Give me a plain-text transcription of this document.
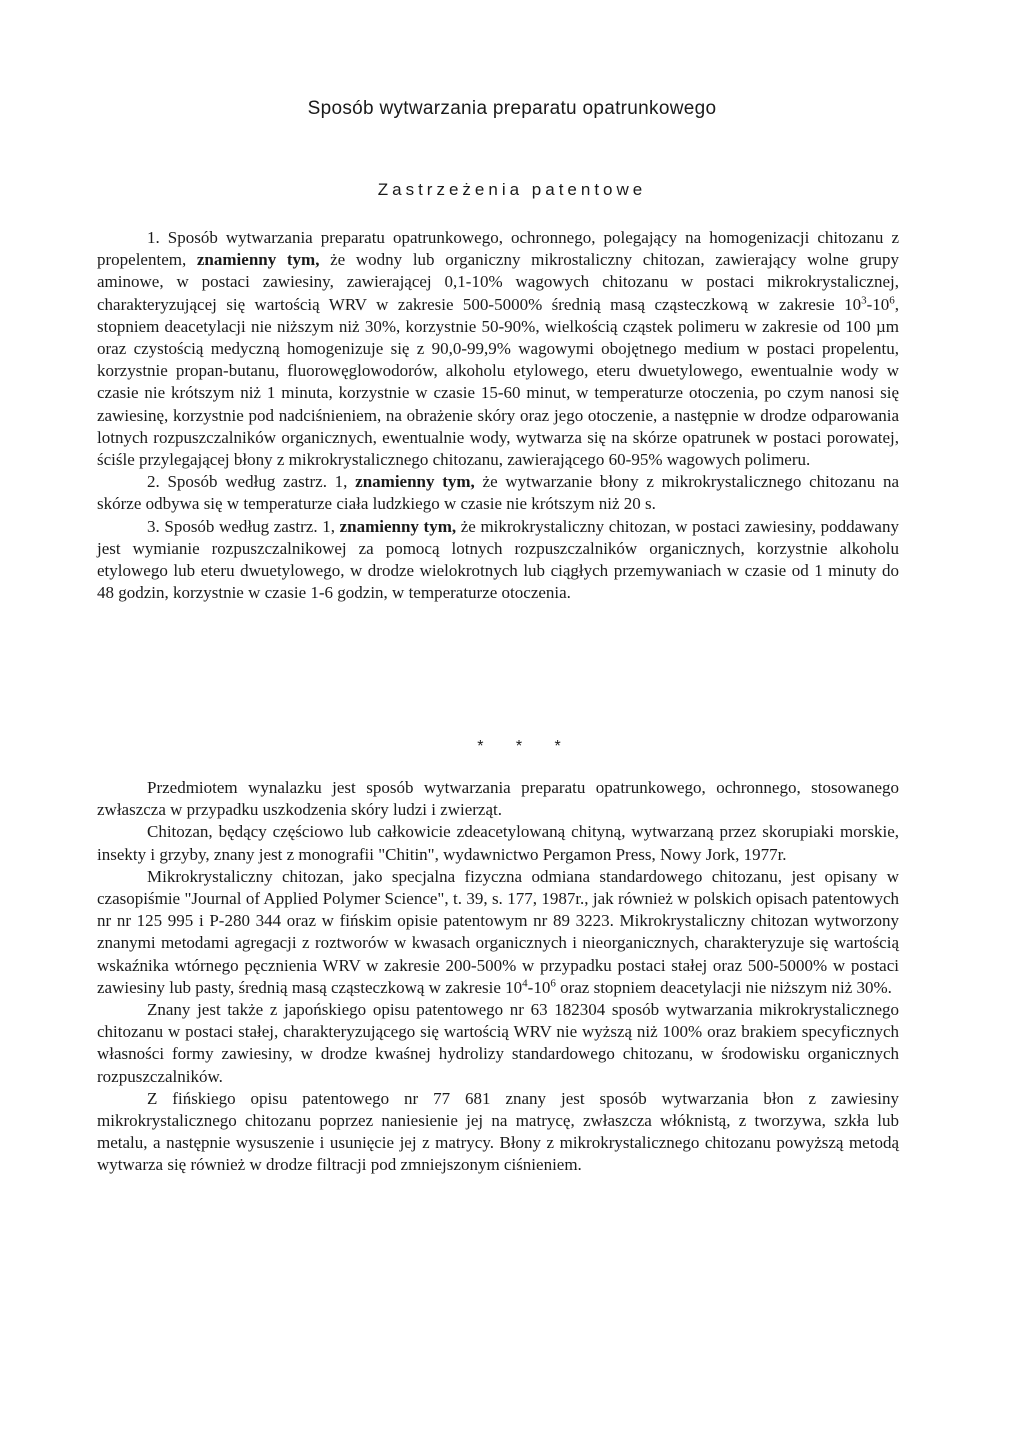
Sposób wytwarzania preparatu opatrunkowego
Zastrzeżenia patentowe

1. Sposób wytwarzania preparatu opatrunkowego, ochronnego, polegający na homogenizacji chitozanu z propelentem, znamienny tym, że wodny lub organiczny mikrostaliczny chitozan, zawierający wolne grupy aminowe, w postaci zawiesiny, zawierającej 0,1-10% wagowych chitozanu w postaci mikrokrystalicznej, charakteryzującej się wartością WRV w zakresie 500-5000% średnią masą cząsteczkową w zakresie $10^3-10^6$, stopniem deacetylacji nie niższym niż 30%, korzystnie 50-90%, wielkością cząstek polimeru w zakresie od 100 µm oraz czystością medyczną homogenizuje się z 90,0-99,9% wagowymi obojętnego medium w postaci propelentu, korzystnie propan-butanu, fluorowęglowodorów, alkoholu etylowego, eteru dwuetylowego, ewentualnie wody w czasie nie krótszym niż 1 minuta, korzystnie w czasie 15-60 minut, w temperaturze otoczenia, po czym nanosi się zawiesinę, korzystnie pod nadciśnieniem, na obrażenie skóry oraz jego otoczenie, a następnie w drodze odparowania lotnych rozpuszczalników organicznych, ewentualnie wody, wytwarza się na skórze opatrunek w postaci porowatej, ściśle przylegającej błony z mikrokrystalicznego chitozanu, zawierającego 60-95% wagowych polimeru.

2. Sposób według zastrz. 1, znamienny tym, że wytwarzanie błony z mikrokrystalicznego chitozanu na skórze odbywa się w temperaturze ciała ludzkiego w czasie nie krótszym niż 20 s.

3. Sposób według zastrz. 1, znamienny tym, że mikrokrystaliczny chitozan, w postaci zawiesiny, poddawany jest wymianie rozpuszczalnikowej za pomocą lotnych rozpuszczalników organicznych, korzystnie alkoholu etylowego lub eteru dwuetylowego, w drodze wielokrotnych lub ciągłych przemywaniach w czasie od 1 minuty do 48 godzin, korzystnie w czasie 1-6 godzin, w temperaturze otoczenia.

* * *

Przedmiotem wynalazku jest sposób wytwarzania preparatu opatrunkowego, ochronnego, stosowanego zwłaszcza w przypadku uszkodzenia skóry ludzi i zwierząt.

Chitozan, będący częściowo lub całkowicie zdeacetylowaną chityną, wytwarzaną przez skorupiaki morskie, insekty i grzyby, znany jest z monografii "Chitin", wydawnictwo Pergamon Press, Nowy Jork, 1977r.

Mikrokrystaliczny chitozan, jako specjalna fizyczna odmiana standardowego chitozanu, jest opisany w czasopiśmie "Journal of Applied Polymer Science", t. 39, s. 177, 1987r., jak również w polskich opisach patentowych nr nr 125 995 i P-280 344 oraz w fińskim opisie patentowym nr 89 3223. Mikrokrystaliczny chitozan wytworzony znanymi metodami agregacji z roztworów w kwasach organicznych i nieorganicznych, charakteryzuje się wartością wskaźnika wtórnego pęcznienia WRV w zakresie 200-500% w przypadku postaci stałej oraz 500-5000% w postaci zawiesiny lub pasty, średnią masą cząsteczkową w zakresie $10^4-10^6$ oraz stopniem deacetylacji nie niższym niż 30%.

Znany jest także z japońskiego opisu patentowego nr 63 182304 sposób wytwarzania mikrokrystalicznego chitozanu w postaci stałej, charakteryzującego się wartością WRV nie wyższą niż 100% oraz brakiem specyficznych własności formy zawiesiny, w drodze kwaśnej hydrolizy standardowego chitozanu, w środowisku organicznych rozpuszczalników.

Z fińskiego opisu patentowego nr 77 681 znany jest sposób wytwarzania błon z zawiesiny mikrokrystalicznego chitozanu poprzez naniesienie jej na matrycę, zwłaszcza włóknistą, z tworzywa, szkła lub metalu, a następnie wysuszenie i usunięcie jej z matrycy. Błony z mikrokrystalicznego chitozanu powyższą metodą wytwarza się również w drodze filtracji pod zmniejszonym ciśnieniem.
